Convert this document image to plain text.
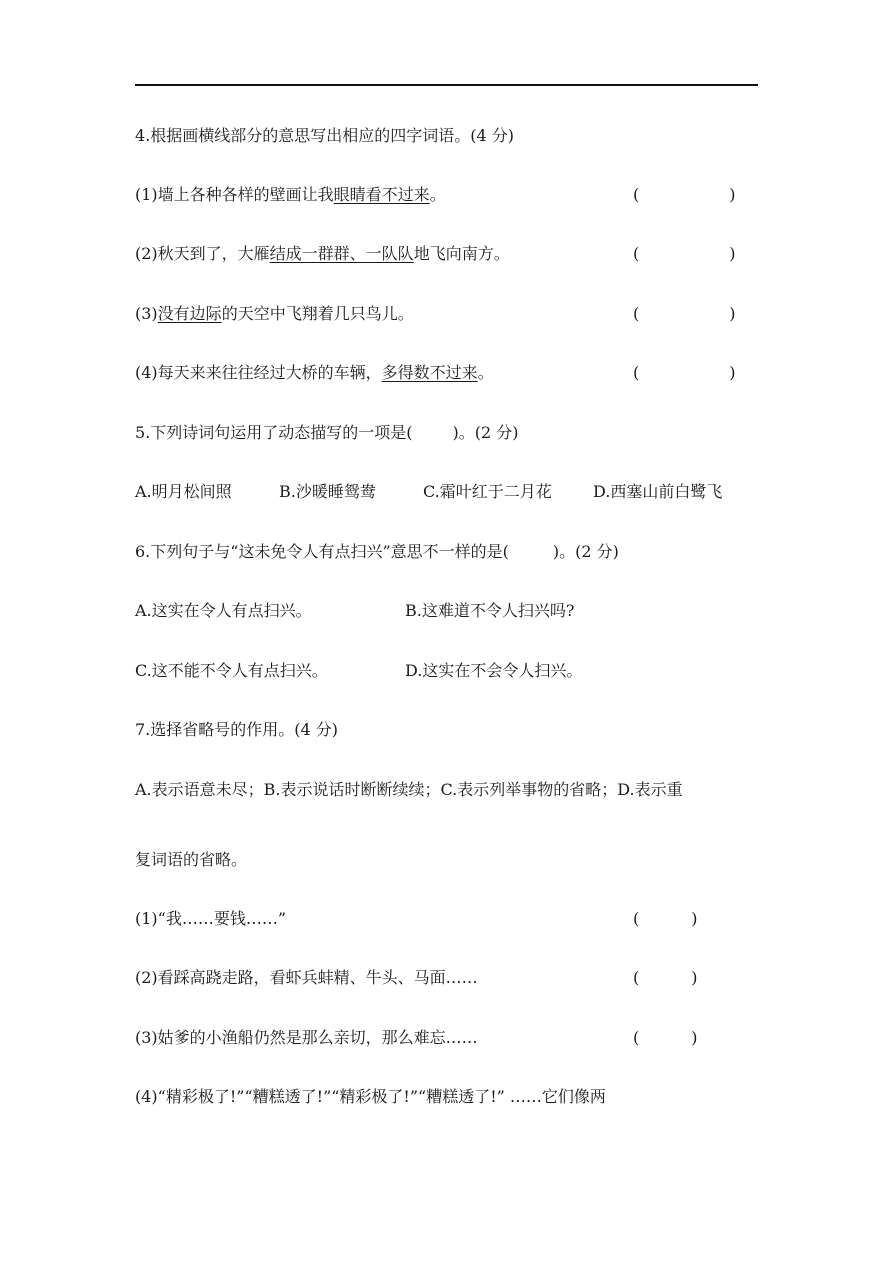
4.根据画横线部分的意思写出相应的四字词语。(4 分)
(1)墙上各种各样的壁画让我眼睛看不过来。	(	)
(2)秋天到了，大雁结成一群群、一队队地飞向南方。	(	)
(3)没有边际的天空中飞翔着几只鸟儿。	(	)
(4)每天来来往往经过大桥的车辆，多得数不过来。	(	)
5.下列诗词句运用了动态描写的一项是(	)。(2 分)
A.明月松间照	B.沙暖睡鸳鸯	C.霜叶红于二月花	D.西塞山前白鹭飞
6.下列句子与“这未免令人有点扫兴”意思不一样的是(	)。(2 分)
A.这实在令人有点扫兴。	B.这难道不令人扫兴吗?
C.这不能不令人有点扫兴。	D.这实在不会令人扫兴。
7.选择省略号的作用。(4 分)
A.表示语意未尽；B.表示说话时断断续续；C.表示列举事物的省略；D.表示重
复词语的省略。
(1)“我……要钱……”	(	)
(2)看踩高跷走路，看虾兵蚌精、牛头、马面……	(	)
(3)姑爹的小渔船仍然是那么亲切，那么难忘……	(	)
(4)“精彩极了!”“糟糕透了!”“精彩极了!”“糟糕透了!” ……它们像两
